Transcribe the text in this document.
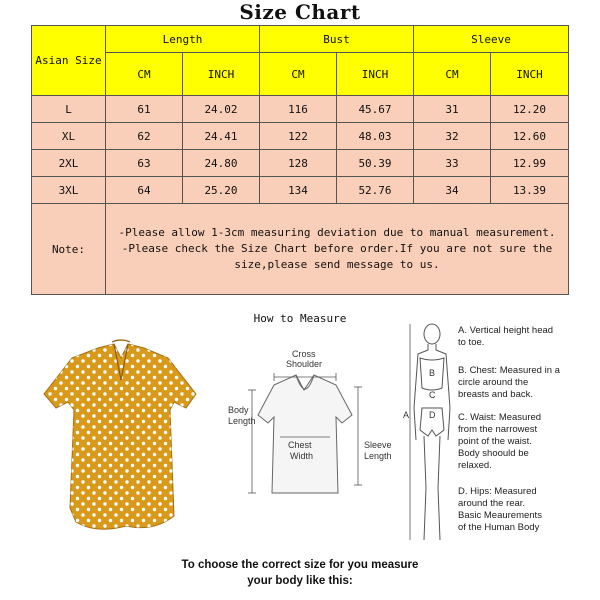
Size Chart
Asian Size	Length		Bust		Sleeve	
	CM	INCH	CM	INCH	CM	INCH
L	61	24.02	116	45.67	31	12.20
XL	62	24.41	122	48.03	32	12.60
2XL	63	24.80	128	50.39	33	12.99
3XL	64	25.20	134	52.76	34	13.39
Note:	-Please allow 1-3cm measuring deviation due to manual measurement.
-Please check the Size Chart before order.If you are not sure the
size,please send message to us.					
How to Measure
Cross
Shoulder
Body
Length
Chest
Width
Sleeve
Length
A
B
C
D
A. Vertical height head
to toe.
B. Chest: Measured in a
circle around the
breasts and back.
C. Waist: Measured
from the narrowest
point of the waist.
Body shoould be
relaxed.
D. Hips: Measured
around the rear.
Basic Meaurements
of the Human Body
To choose the correct size for you measure
your body like this:
